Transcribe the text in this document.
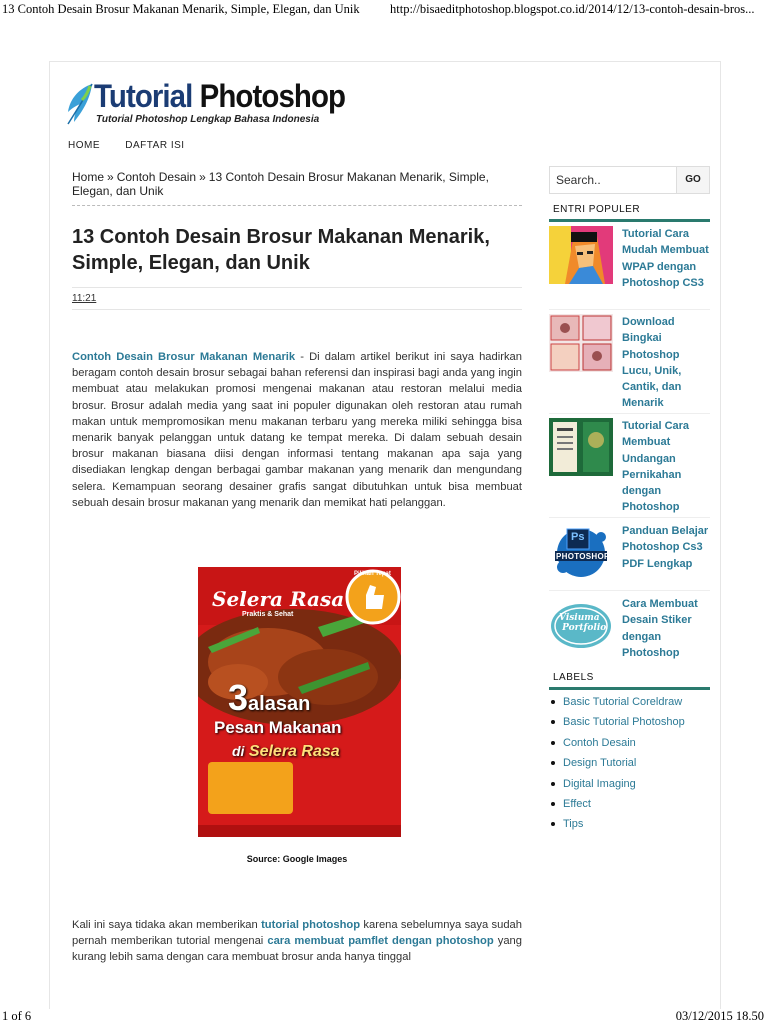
13 Contoh Desain Brosur Makanan Menarik, Simple, Elegan, dan Unik http://bisaeditphotoshop.blogspot.co.id/2014/12/13-contoh-desain-bros...
Tutorial Photoshop
Tutorial Photoshop Lengkap Bahasa Indonesia
HOME	DAFTAR ISI
Home » Contoh Desain » 13 Contoh Desain Brosur Makanan Menarik, Simple, Elegan, dan Unik
13 Contoh Desain Brosur Makanan Menarik, Simple, Elegan, dan Unik
11:21
Contoh Desain Brosur Makanan Menarik - Di dalam artikel berikut ini saya hadirkan beragam contoh desain brosur sebagai bahan referensi dan inspirasi bagi anda yang ingin membuat atau melakukan promosi mengenai makanan atau restoran melalui media brosur. Brosur adalah media yang saat ini populer digunakan oleh restoran atau rumah makan untuk mempromosikan menu makanan terbaru yang mereka miliki sehingga bisa menarik banyak pelanggan untuk datang ke tempat mereka. Di dalam sebuah desain brosur makanan biasana diisi dengan informasi tentang makanan apa saja yang disediakan lengkap dengan berbagai gambar makanan yang menarik dan mengundang selera. Kemampuan seorang desainer grafis sangat dibutuhkan untuk bisa membuat sebuah desain brosur makanan yang menarik dan memikat hati pelanggan.
Selera Rasa
Praktis & Sehat
Pilihan Tepat
3alasan
Pesan Makanan
di Selera Rasa
Source: Google Images
Kali ini saya tidaka akan memberikan tutorial photoshop karena sebelumnya saya sudah pernah memberikan tutorial mengenai cara membuat pamflet dengan photoshop yang kurang lebih sama dengan cara membuat brosur anda hanya tinggal
Search..
GO
ENTRI POPULER
Tutorial Cara Mudah Membuat WPAP dengan Photoshop CS3
Download Bingkai Photoshop Lucu, Unik, Cantik, dan Menarik
Tutorial Cara Membuat Undangan Pernikahan dengan Photoshop
Ps
PHOTOSHOP
Panduan Belajar Photoshop Cs3 PDF Lengkap
Visiuma
Portfolio
Cara Membuat Desain Stiker dengan Photoshop
LABELS
Basic Tutorial Coreldraw
Basic Tutorial Photoshop
Contoh Desain
Design Tutorial
Digital Imaging
Effect
Tips
1 of 6	03/12/2015 18.50
